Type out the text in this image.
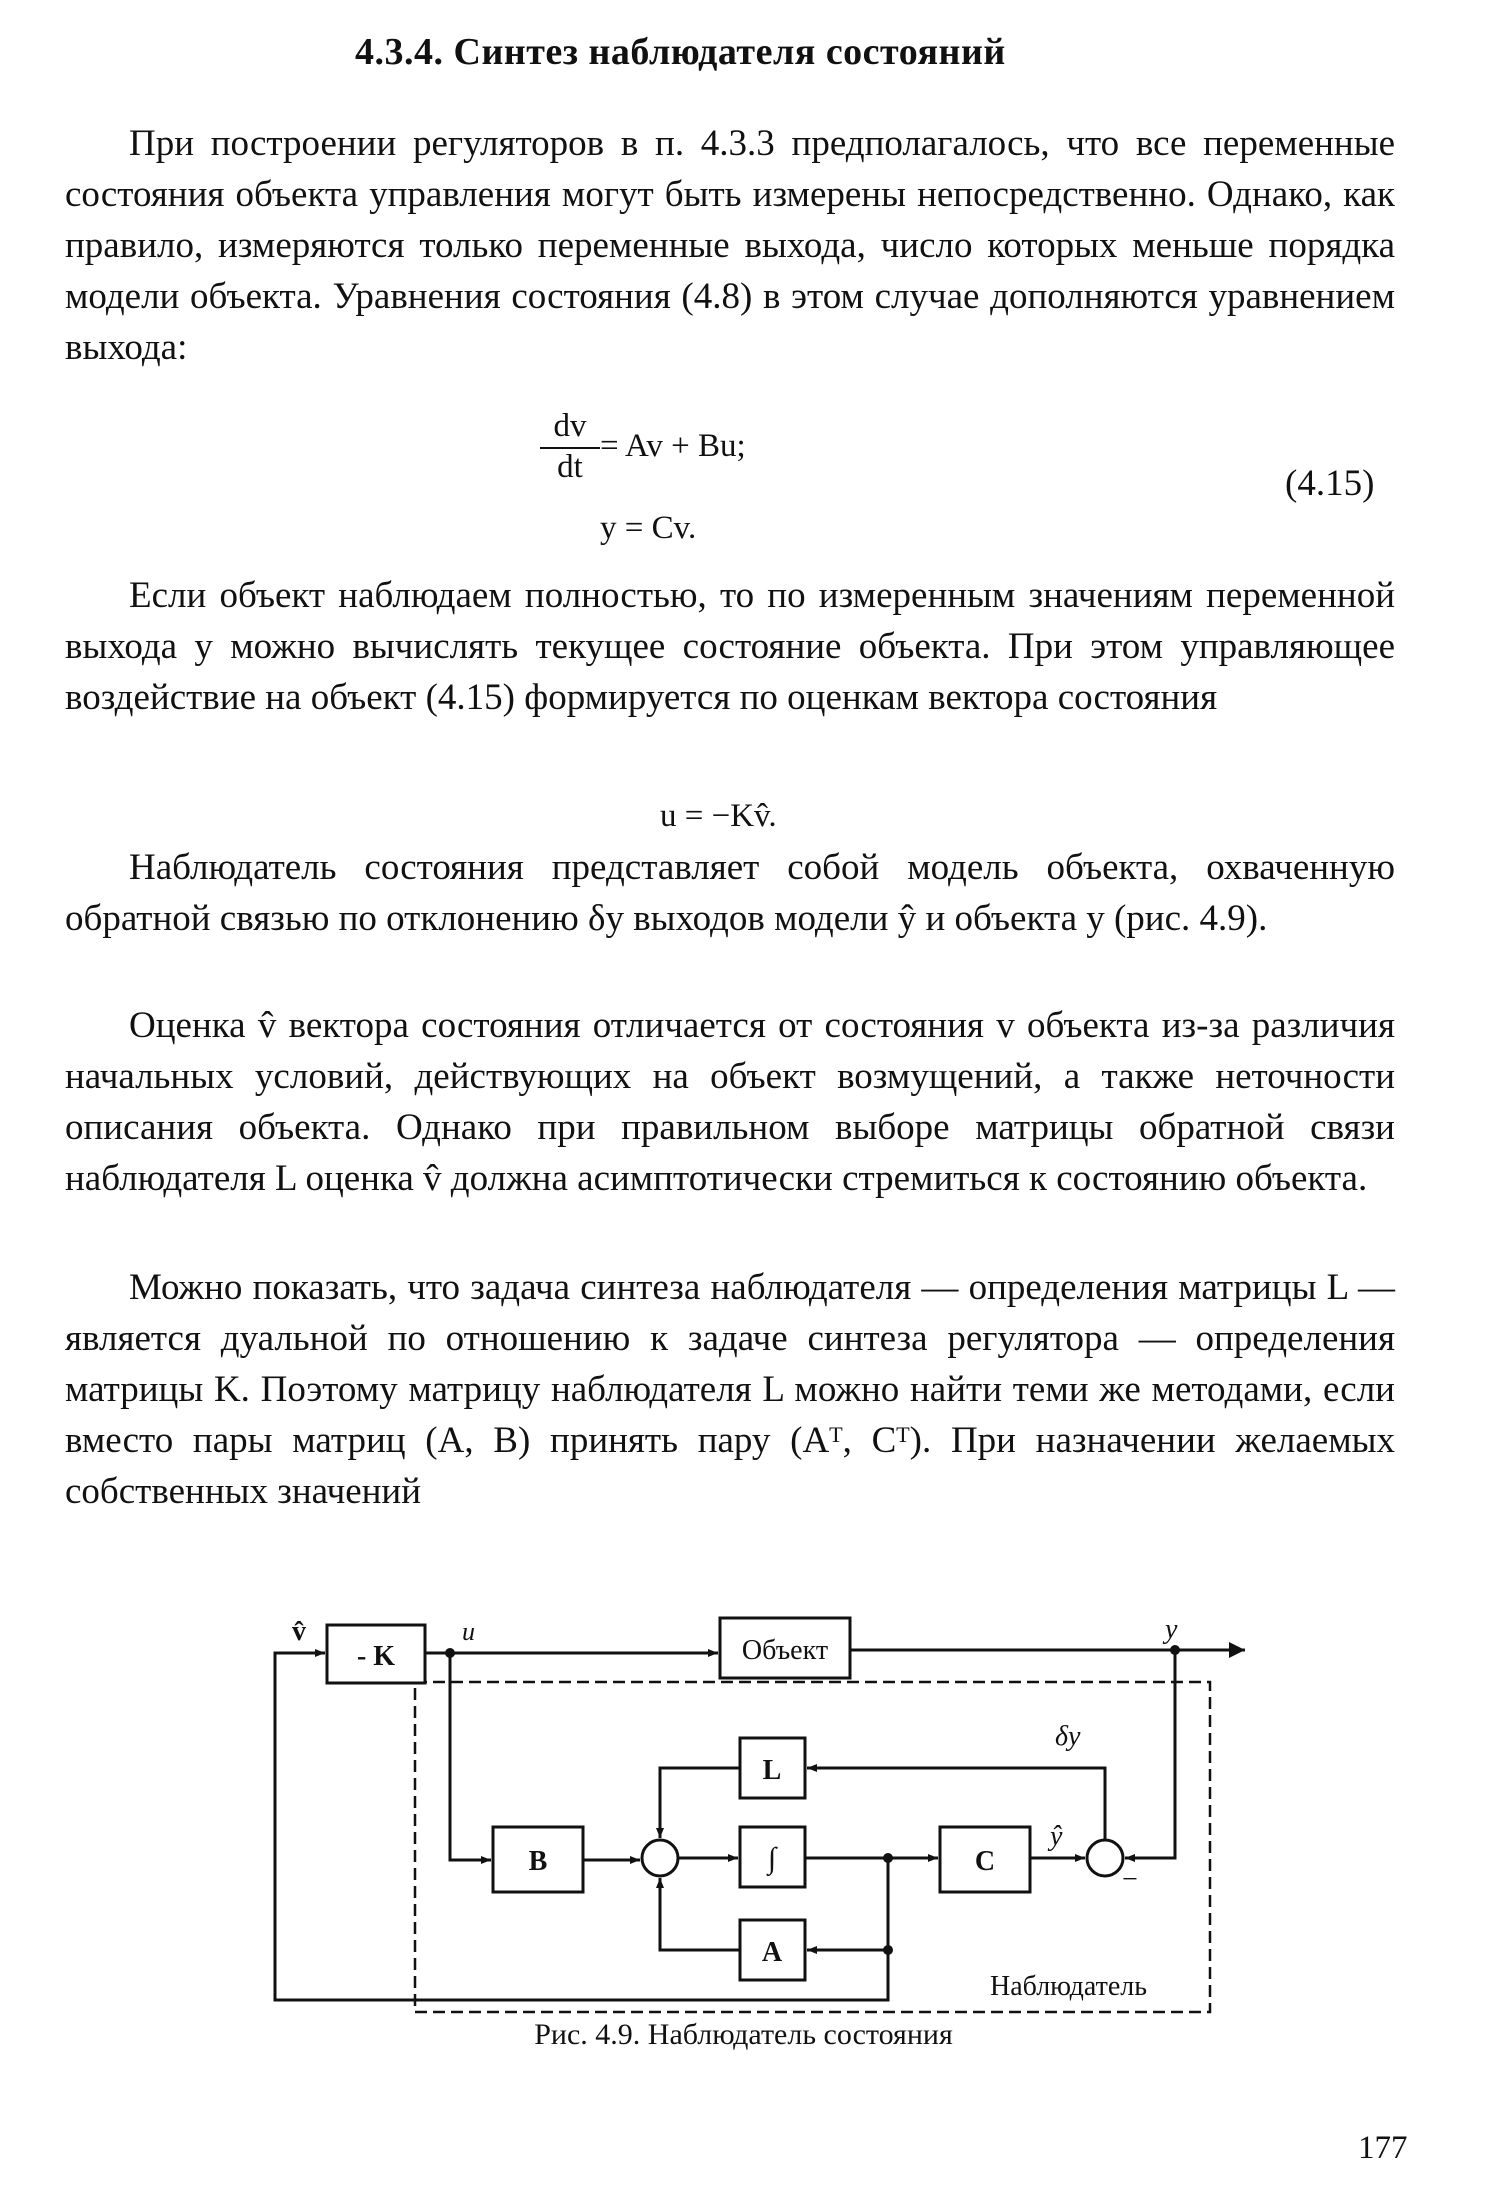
4.3.4. Синтез наблюдателя состояний

При построении регуляторов в п. 4.3.3 предполагалось, что все переменные состояния объекта управления могут быть измерены непосредственно. Однако, как правило, измеряются только переменные выхода, число которых меньше порядка модели объекта. Уравнения состояния (4.8) в этом случае дополняются уравнением выхода:

$\frac{dv}{dt} = Av + Bu$;
y = Cv.
(4.15)

Если объект наблюдаем полностью, то по измеренным значениям переменной выхода y можно вычислять текущее состояние объекта. При этом управляющее воздействие на объект (4.15) формируется по оценкам вектора состояния

u = −Kv̂.

Наблюдатель состояния представляет собой модель объекта, охваченную обратной связью по отклонению δy выходов модели ŷ и объекта y (рис. 4.9).

Оценка v̂ вектора состояния отличается от состояния v объекта из-за различия начальных условий, действующих на объект возмущений, а также неточности описания объекта. Однако при правильном выборе матрицы обратной связи наблюдателя L оценка v̂ должна асимптотически стремиться к состоянию объекта.

Можно показать, что задача синтеза наблюдателя — определения матрицы L — является дуальной по отношению к задаче синтеза регулятора — определения матрицы K. Поэтому матрицу наблюдателя L можно найти теми же методами, если вместо пары матриц (A, B) принять пару (Aᵀ, Cᵀ). При назначении желаемых собственных значений

- K	Объект
L
B	∫	C
A
v̂	u	y
δy
ŷ
−
Наблюдатель
Рис. 4.9. Наблюдатель состояния
177
